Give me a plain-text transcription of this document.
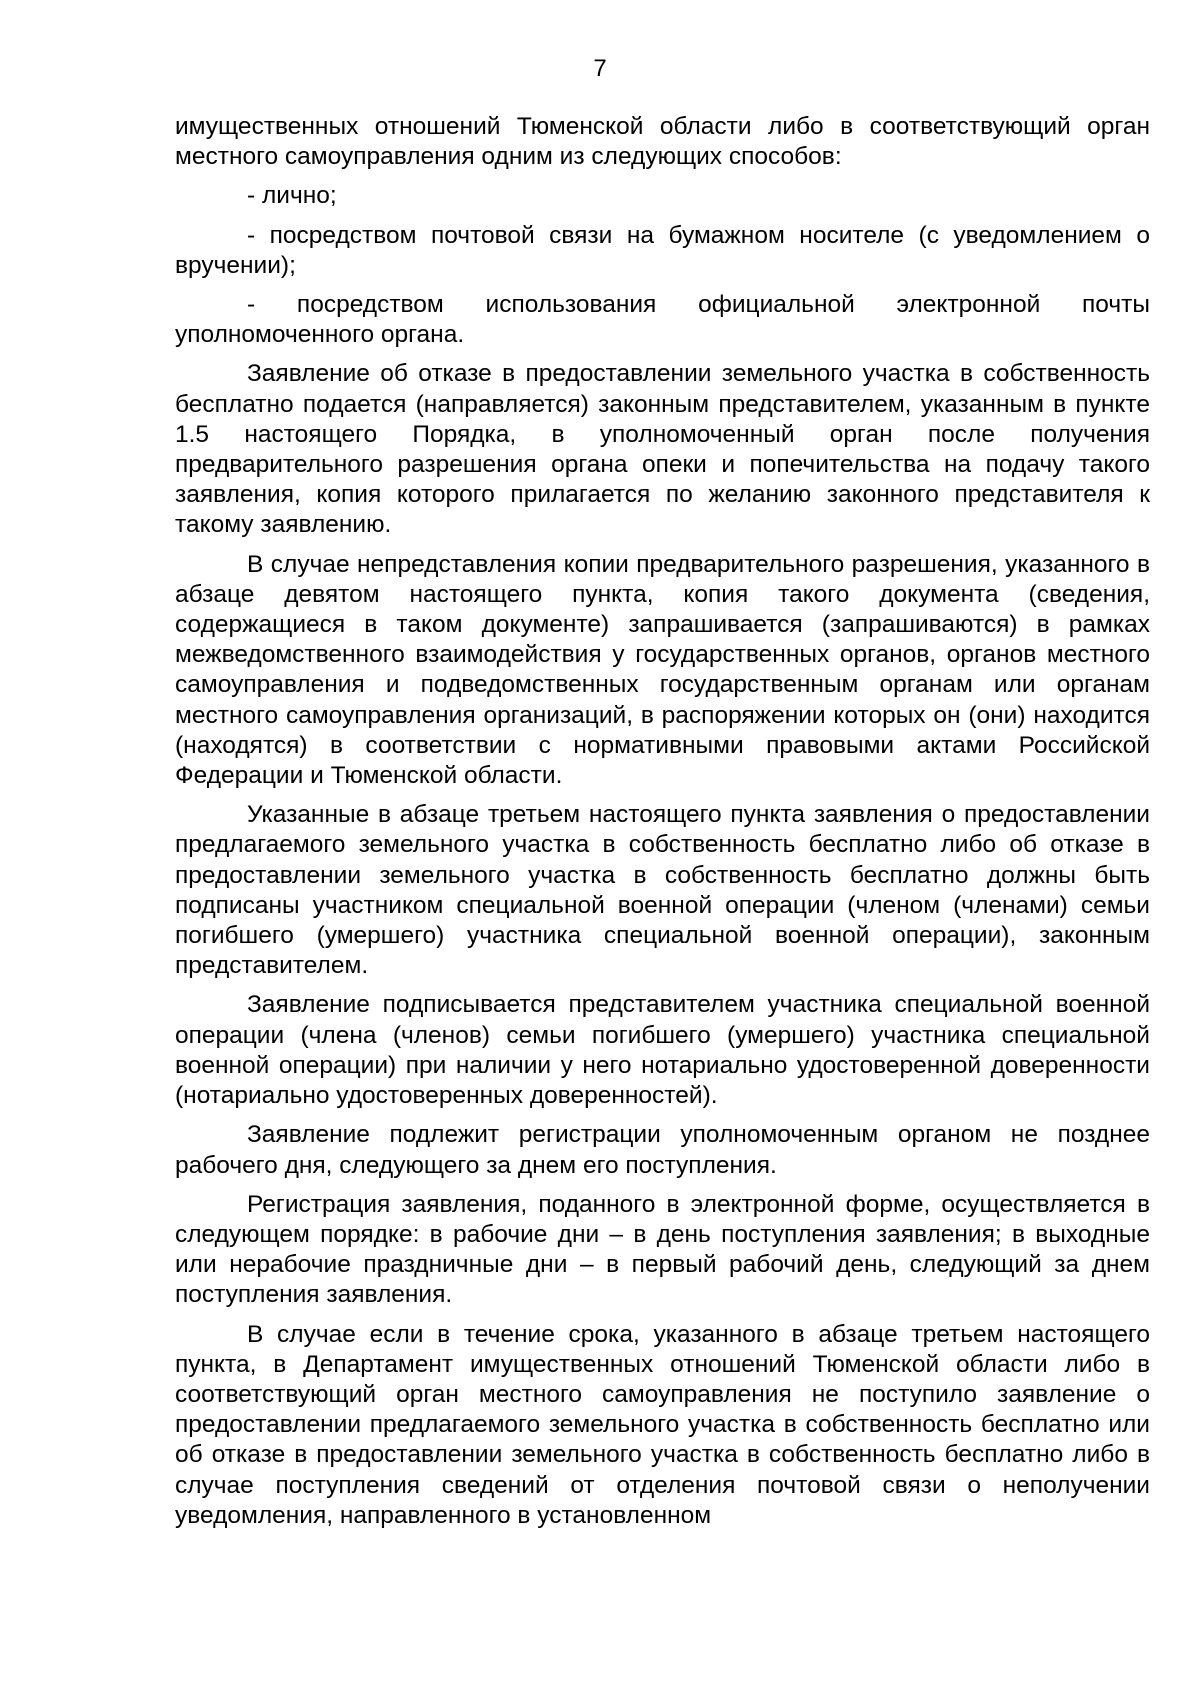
7

имущественных отношений Тюменской области либо в соответствующий орган местного самоуправления одним из следующих способов:

- лично;

- посредством почтовой связи на бумажном носителе (с уведомлением о вручении);

- посредством использования официальной электронной почты уполномоченного органа.

Заявление об отказе в предоставлении земельного участка в собственность бесплатно подается (направляется) законным представителем, указанным в пункте 1.5 настоящего Порядка, в уполномоченный орган после получения предварительного разрешения органа опеки и попечительства на подачу такого заявления, копия которого прилагается по желанию законного представителя к такому заявлению.

В случае непредставления копии предварительного разрешения, указанного в абзаце девятом настоящего пункта, копия такого документа (сведения, содержащиеся в таком документе) запрашивается (запрашиваются) в рамках межведомственного взаимодействия у государственных органов, органов местного самоуправления и подведомственных государственным органам или органам местного самоуправления организаций, в распоряжении которых он (они) находится (находятся) в соответствии с нормативными правовыми актами Российской Федерации и Тюменской области.

Указанные в абзаце третьем настоящего пункта заявления о предоставлении предлагаемого земельного участка в собственность бесплатно либо об отказе в предоставлении земельного участка в собственность бесплатно должны быть подписаны участником специальной военной операции (членом (членами) семьи погибшего (умершего) участника специальной военной операции), законным представителем.

Заявление подписывается представителем участника специальной военной операции (члена (членов) семьи погибшего (умершего) участника специальной военной операции) при наличии у него нотариально удостоверенной доверенности (нотариально удостоверенных доверенностей).

Заявление подлежит регистрации уполномоченным органом не позднее рабочего дня, следующего за днем его поступления.

Регистрация заявления, поданного в электронной форме, осуществляется в следующем порядке: в рабочие дни – в день поступления заявления; в выходные или нерабочие праздничные дни – в первый рабочий день, следующий за днем поступления заявления.

В случае если в течение срока, указанного в абзаце третьем настоящего пункта, в Департамент имущественных отношений Тюменской области либо в соответствующий орган местного самоуправления не поступило заявление о предоставлении предлагаемого земельного участка в собственность бесплатно или об отказе в предоставлении земельного участка в собственность бесплатно либо в случае поступления сведений от отделения почтовой связи о неполучении уведомления, направленного в установленном
